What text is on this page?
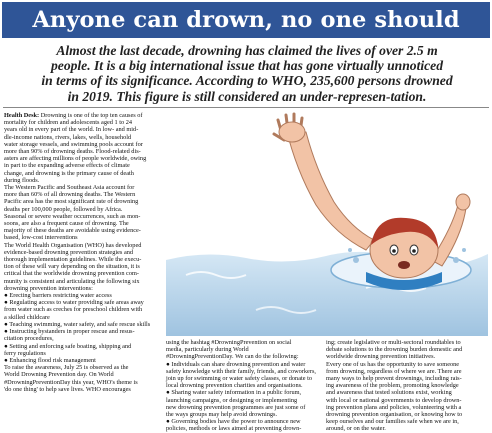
Anyone can drown, no one should
Almost the last decade, drowning has claimed the lives of over 2.5 m
people. It is a big international issue that has gone virtually unnoticed
in terms of its significance. According to WHO, 235,600 persons drowned
in 2019. This figure is still considered an under-represen-tation.
Health Desk: Drowning is one of the top ten causes of
mortality for children and adolescents aged 1 to 24
years old in every part of the world. In low- and mid-
dle-income nations, rivers, lakes, wells, household
water storage vessels, and swimming pools account for
more than 90% of drowning deaths. Flood-related dis-
asters are affecting millions of people worldwide, owing
in part to the expanding adverse effects of climate
change, and drowning is the primary cause of death
during floods.
The Western Pacific and Southeast Asia account for
more than 60% of all drowning deaths. The Western
Pacific area has the most significant rate of drowning
deaths per 100,000 people, followed by Africa.
Seasonal or severe weather occurrences, such as mon-
soons, are also a frequent cause of drowning. The
majority of these deaths are avoidable using evidence-
based, low-cost interventions
The World Health Organisation (WHO) has developed
evidence-based drowning prevention strategies and
thorough implementation guidelines. While the execu-
tion of these will vary depending on the situation, it is
critical that the worldwide drowning prevention com-
munity is consistent and articulating the following six
drowning prevention interventions:
● Erecting barriers restricting water access
● Regulating access to water providing safe areas away
from water such as creches for preschool children with
a skilled childcare
● Teaching swimming, water safety, and safe rescue skills
● Instructing bystanders in proper rescue and resus-
citation procedures,
● Setting and enforcing safe boating, shipping and
ferry regulations
● Enhancing flood risk management
To raise the awareness, July 25 is observed as the
World Drowning Prevention day. On World
#DrowningPreventionDay this year, WHO's theme is
'do one thing' to help save lives. WHO encourages
using the hashtag #DrowningPrevention on social
media, particularly during World
#DrowningPreventionDay. We can do the following:
● Individuals can share drowning prevention and water
safety knowledge with their family, friends, and coworkers,
join up for swimming or water safety classes, or donate to
local drowning prevention charities and organisations.
● Sharing water safety information in a public forum,
launching campaigns, or designing or implementing
new drowning prevention programmes are just some of
the ways groups may help avoid drownings.
● Governing bodies have the power to announce new
policies, methods or laws aimed at preventing drown-
ing; create legislative or multi-sectoral roundtables to
debate solutions to the drowning burden domestic and
worldwide drowning prevention initiatives.
Every one of us has the opportunity to save someone
from drowning, regardless of where we are. There are
many ways to help prevent drownings, including rais-
ing awareness of the problem, promoting knowledge
and awareness that tested solutions exist, working
with local or national governments to develop drown-
ing prevention plans and policies, volunteering with a
drowning prevention organisation, or knowing how to
keep ourselves and our families safe when we are in,
around, or on the water.
